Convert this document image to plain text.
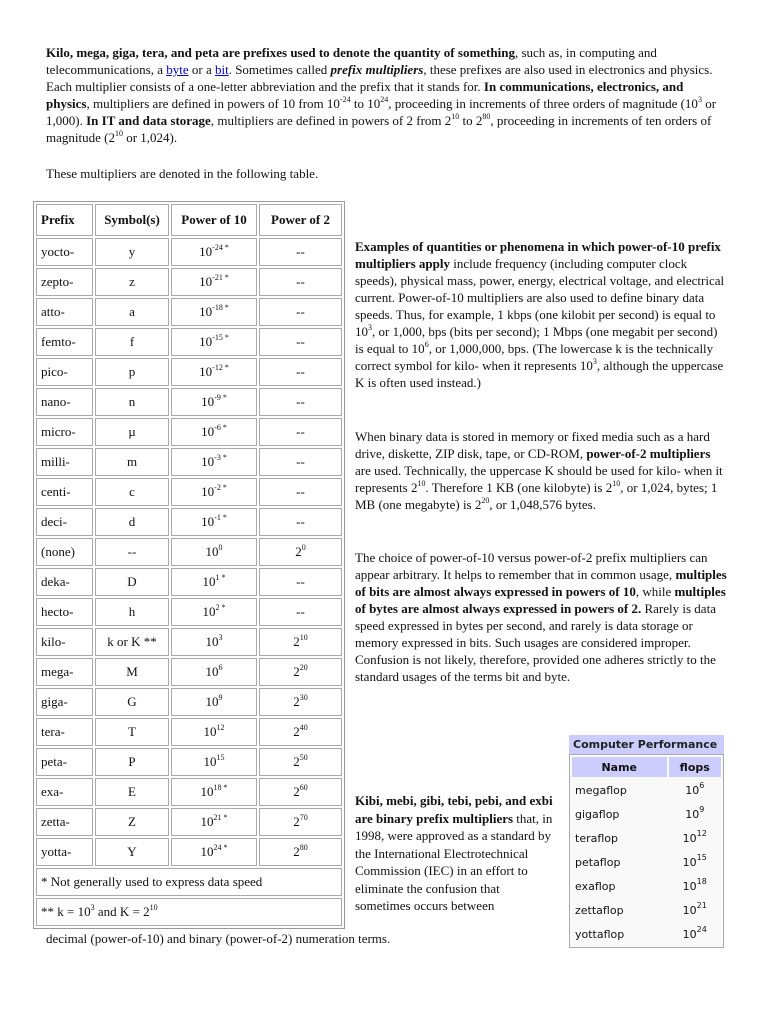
Kilo, mega, giga, tera, and peta are prefixes used to denote the quantity of something, such as, in computing and telecommunications, a byte or a bit. Sometimes called prefix multipliers, these prefixes are also used in electronics and physics. Each multiplier consists of a one-letter abbreviation and the prefix that it stands for. In communications, electronics, and physics, multipliers are defined in powers of 10 from $10^{-24}$ to $10^{24}$, proceeding in increments of three orders of magnitude ($10^3$ or 1,000). In IT and data storage, multipliers are defined in powers of 2 from $2^{10}$ to $2^{80}$, proceeding in increments of ten orders of magnitude ($2^{10}$ or 1,024).
These multipliers are denoted in the following table.
Prefix	Symbol(s)	Power of 10	Power of 2
yocto-	y	$10^{-24 *}$	--
zepto-	z	$10^{-21 *}$	--
atto-	a	$10^{-18 *}$	--
femto-	f	$10^{-15 *}$	--
pico-	p	$10^{-12 *}$	--
nano-	n	$10^{-9 *}$	--
micro-	µ	$10^{-6 *}$	--
milli-	m	$10^{-3 *}$	--
centi-	c	$10^{-2 *}$	--
deci-	d	$10^{-1 *}$	--
(none)	--	$10^0$	$2^0$
deka-	D	$10^{1 *}$	--
hecto-	h	$10^{2 *}$	--
kilo-	k or K **	$10^3$	$2^{10}$
mega-	M	$10^6$	$2^{20}$
giga-	G	$10^9$	$2^{30}$
tera-	T	$10^{12}$	$2^{40}$
peta-	P	$10^{15}$	$2^{50}$
exa-	E	$10^{18 *}$	$2^{60}$
zetta-	Z	$10^{21 *}$	$2^{70}$
yotta-	Y	$10^{24 *}$	$2^{80}$
* Not generally used to express data speed			
** $k = 10^3$ and $K = 2^{10}$
Examples of quantities or phenomena in which power-of-10 prefix multipliers apply include frequency (including computer clock speeds), physical mass, power, energy, electrical voltage, and electrical current. Power-of-10 multipliers are also used to define binary data speeds. Thus, for example, 1 kbps (one kilobit per second) is equal to $10^3$, or 1,000, bps (bits per second); 1 Mbps (one megabit per second) is equal to $10^6$, or 1,000,000, bps. (The lowercase k is the technically correct symbol for kilo- when it represents $10^3$, although the uppercase K is often used instead.)
When binary data is stored in memory or fixed media such as a hard drive, diskette, ZIP disk, tape, or CD-ROM, power-of-2 multipliers are used. Technically, the uppercase K should be used for kilo- when it represents $2^{10}$. Therefore 1 KB (one kilobyte) is $2^{10}$, or 1,024, bytes; 1 MB (one megabyte) is $2^{20}$, or 1,048,576 bytes.
The choice of power-of-10 versus power-of-2 prefix multipliers can appear arbitrary. It helps to remember that in common usage, multiples of bits are almost always expressed in powers of 10, while multiples of bytes are almost always expressed in powers of 2. Rarely is data speed expressed in bytes per second, and rarely is data storage or memory expressed in bits. Such usages are considered improper. Confusion is not likely, therefore, provided one adheres strictly to the standard usages of the terms bit and byte.
Kibi, mebi, gibi, tebi, pebi, and exbi are binary prefix multipliers that, in 1998, were approved as a standard by the International Electrotechnical Commission (IEC) in an effort to eliminate the confusion that sometimes occurs between
decimal (power-of-10) and binary (power-of-2) numeration terms.
Computer Performance
Name	flops
megaflop	$10^6$
gigaflop	$10^9$
teraflop	$10^{12}$
petaflop	$10^{15}$
exaflop	$10^{18}$
zettaflop	$10^{21}$
yottaflop	$10^{24}$
